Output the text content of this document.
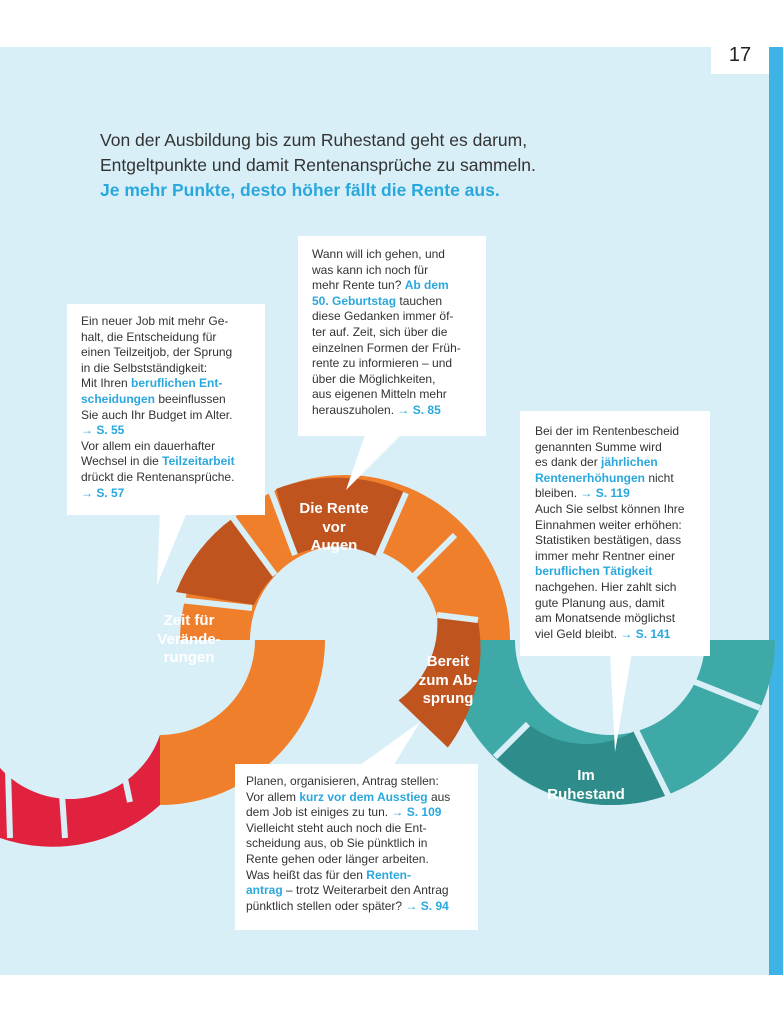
17
Von der Ausbildung bis zum Ruhestand geht es darum,
Entgeltpunkte und damit Rentenansprüche zu sammeln.
Je mehr Punkte, desto höher fällt die Rente aus.
Zeit für
Verände-
rungen
Die Rente
vor
Augen
Bereit
zum Ab-
sprung
Im
Ruhestand
Ein neuer Job mit mehr Ge-
halt, die Entscheidung für
einen Teilzeitjob, der Sprung
in die Selbstständigkeit:
Mit Ihren beruflichen Ent-
scheidungen beeinflussen
Sie auch Ihr Budget im Alter.
→ S. 55
Vor allem ein dauerhafter
Wechsel in die Teilzeitarbeit
drückt die Rentenansprüche.
→ S. 57
Wann will ich gehen, und
was kann ich noch für
mehr Rente tun? Ab dem
50. Geburtstag tauchen
diese Gedanken immer öf-
ter auf. Zeit, sich über die
einzelnen Formen der Früh-
rente zu informieren – und
über die Möglichkeiten,
aus eigenen Mitteln mehr
herauszuholen. → S. 85
Bei der im Rentenbescheid
genannten Summe wird
es dank der jährlichen
Rentenerhöhungen nicht
bleiben. → S. 119
Auch Sie selbst können Ihre
Einnahmen weiter erhöhen:
Statistiken bestätigen, dass
immer mehr Rentner einer
beruflichen Tätigkeit
nachgehen. Hier zahlt sich
gute Planung aus, damit
am Monatsende möglichst
viel Geld bleibt. → S. 141
Planen, organisieren, Antrag stellen:
Vor allem kurz vor dem Ausstieg aus
dem Job ist einiges zu tun. → S. 109
Vielleicht steht auch noch die Ent-
scheidung aus, ob Sie pünktlich in
Rente gehen oder länger arbeiten.
Was heißt das für den Renten-
antrag – trotz Weiterarbeit den Antrag
pünktlich stellen oder später? → S. 94
